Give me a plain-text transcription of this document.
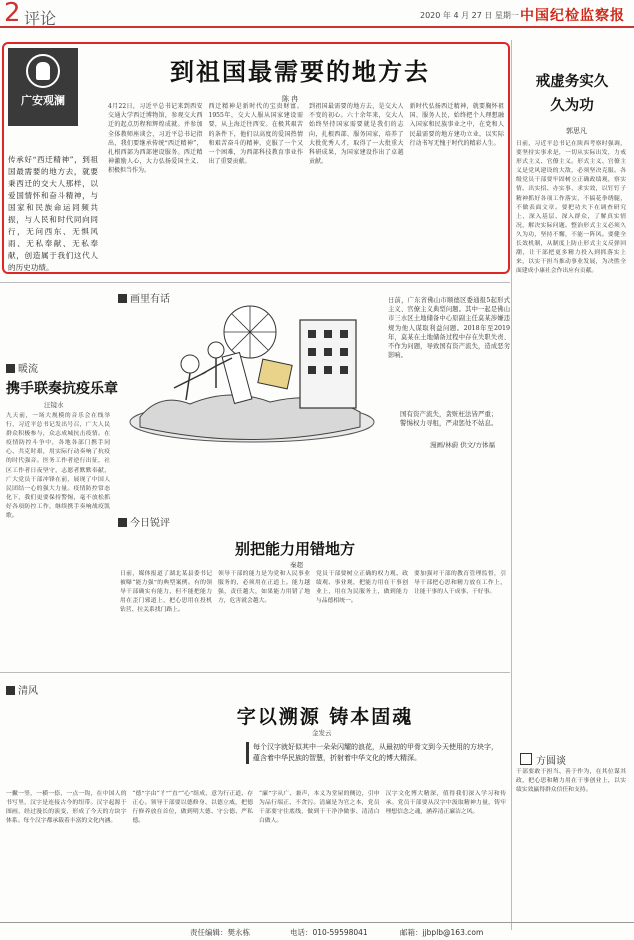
2 评论	2020 年 4 月 27 日 星期一 中国纪检监察报
广安观澜
传承好“西迁精神”，到祖国最需要的地方去，就要秉西迁的交大人那样，以爱国情怀和奋斗精神，与国家和民族命运同频共振，与人民和时代同向同行，无问西东、无惧风雨、无私奉献、无私奉献，创造属于我们这代人的历史功绩。
到祖国最需要的地方去
陈 冉
4月22日，习近平总书记来到西安交通大学西迁博物馆，参观交大西迁的起点历程和辉煌成就。并参加全体教师座谈会，习近平总书记指出，我们要继承传统“西迁精神”，扎根西部为西部建设服务。西迁精神激励人心，大力弘扬爱国主义、积极担当作为。
西迁精神是新时代的宝贵财富。1955年，交大人服从国家建设需要，从上海迁往西安。在极其艰苦的条件下，他们以高度的爱国热情和艰苦奋斗的精神，克服了一个又一个困难，为西部科技教育事业作出了重要贡献。
到祖国最需要的地方去，是交大人不变的初心。六十余年来，交大人始终坚持国家需要就是我们的志向，扎根西部、服务国家，培养了大批优秀人才，取得了一大批重大科研成果，为国家建设作出了卓越贡献。
新时代弘扬西迁精神，就要胸怀祖国、服务人民，始终把个人理想融入国家和民族事业之中，在党和人民最需要的地方建功立业，以实际行动书写无愧于时代的精彩人生。
戒虚务实久久为功
郭思凡
日前，习近平总书记在陕西考察时强调，要坚持实事求是，一切从实际出发，力戒形式主义、官僚主义。形式主义、官僚主义是党风建设的大敌，必须坚决克服。各级党员干部要牢固树立正确政绩观，察实情、出实招、办实事、求实效，以钉钉子精神抓好各项工作落实，不搞花拳绣腿，不做表面文章。要把功夫下在调查研究上，深入基层、深入群众，了解真实情况，解决实际问题。整治形式主义必须久久为功，坚持不懈，不能一阵风。要健全长效机制，从制度上防止形式主义反弹回潮，让干部把更多精力投入到抓落实上来，以实干担当推动事业发展，为决胜全面建成小康社会作出应有贡献。
画里有话	日前，广东省佛山市顺德区委通报5起形式主义、官僚主义典型问题。其中一起是佛山市三水区土地储备中心原副主任莫某涉嫌违规为他人谋取利益问题。2018年至2019年，莫某在土地储备过程中存在失职失责、不作为问题，导致国有资产流失，造成恶劣影响。
国有资产流失，贪赃枉法皆严重；
警惕权力寻租，严肃惩处不姑息。
漫画/林蔚 供文/方体福
暖流
携手联奏抗疫乐章
汪镜水
九天前，一场大规模的音乐会在线举行，习近平总书记发出号召，广大人民群众积极参与，众志成城抗击疫情。在疫情防控斗争中，各地各部门携手同心、共克时艰，用实际行动奏响了抗疫的时代强音。医务工作者逆行出征，社区工作者日夜坚守，志愿者默默奉献，广大党员干部冲锋在前，展现了中国人民团结一心的强大力量。疫情防控常态化下，我们更要保持警惕，毫不放松抓好各项防控工作，继续携手奏响战疫凯歌。
今日锐评
别把能力用错地方
秦超
日前，媒体报道了湖北某县委书记被曝“能力强”的典型案例。有的领导干部确实有能力，但不能把能力用在歪门邪道上，把心思用在投机钻营、拉关系找门路上。
领导干部的能力是为党和人民事业服务的，必须用在正道上。能力越强，责任越大，如果能力用错了地方，危害就会越大。
党员干部要树立正确的权力观、政绩观、事业观，把能力用在干事创业上，用在为民服务上，做到能力与品德相统一。
要加强对干部的教育管理监督，引导干部把心思和精力放在工作上，让能干事的人干成事、干好事。
清风
字以溯源 铸本固魂
金发云
每个汉字就好似其中一朵朵闪耀的浪花，从最初的甲骨文到今天使用的方块字，蕴含着中华民族的智慧，折射着中华文化的博大精深。
一撇一竖，一横一捺，一点一钩，在中国人的书写里，汉字是连接古今的纽带。汉字起源于图画，经过漫长的演变，形成了今天的方块字体系。每个汉字都承载着丰富的文化内涵。
“德”字由“彳”“直”“心”组成，意为行正道、存正心。领导干部要以德修身、以德立威，把德行修养放在首位，做到明大德、守公德、严私德。
“廉”字从广、兼声，本义为堂屋的侧边，引申为品行端正、不贪污。清廉是为官之本，党员干部要守住底线，做到干干净净做事、清清白白做人。
汉字文化博大精深，值得我们深入学习和传承。党员干部要从汉字中汲取精神力量，铸牢理想信念之魂，涵养清正廉洁之风。
方圆谈
干部要敢于担当、善于作为，在其位谋其政，把心思和精力用在干事创业上，以实绩实效赢得群众信任和支持。
责任编辑：樊永栋	电话：010-59598041	邮箱：jjbplb@163.com
